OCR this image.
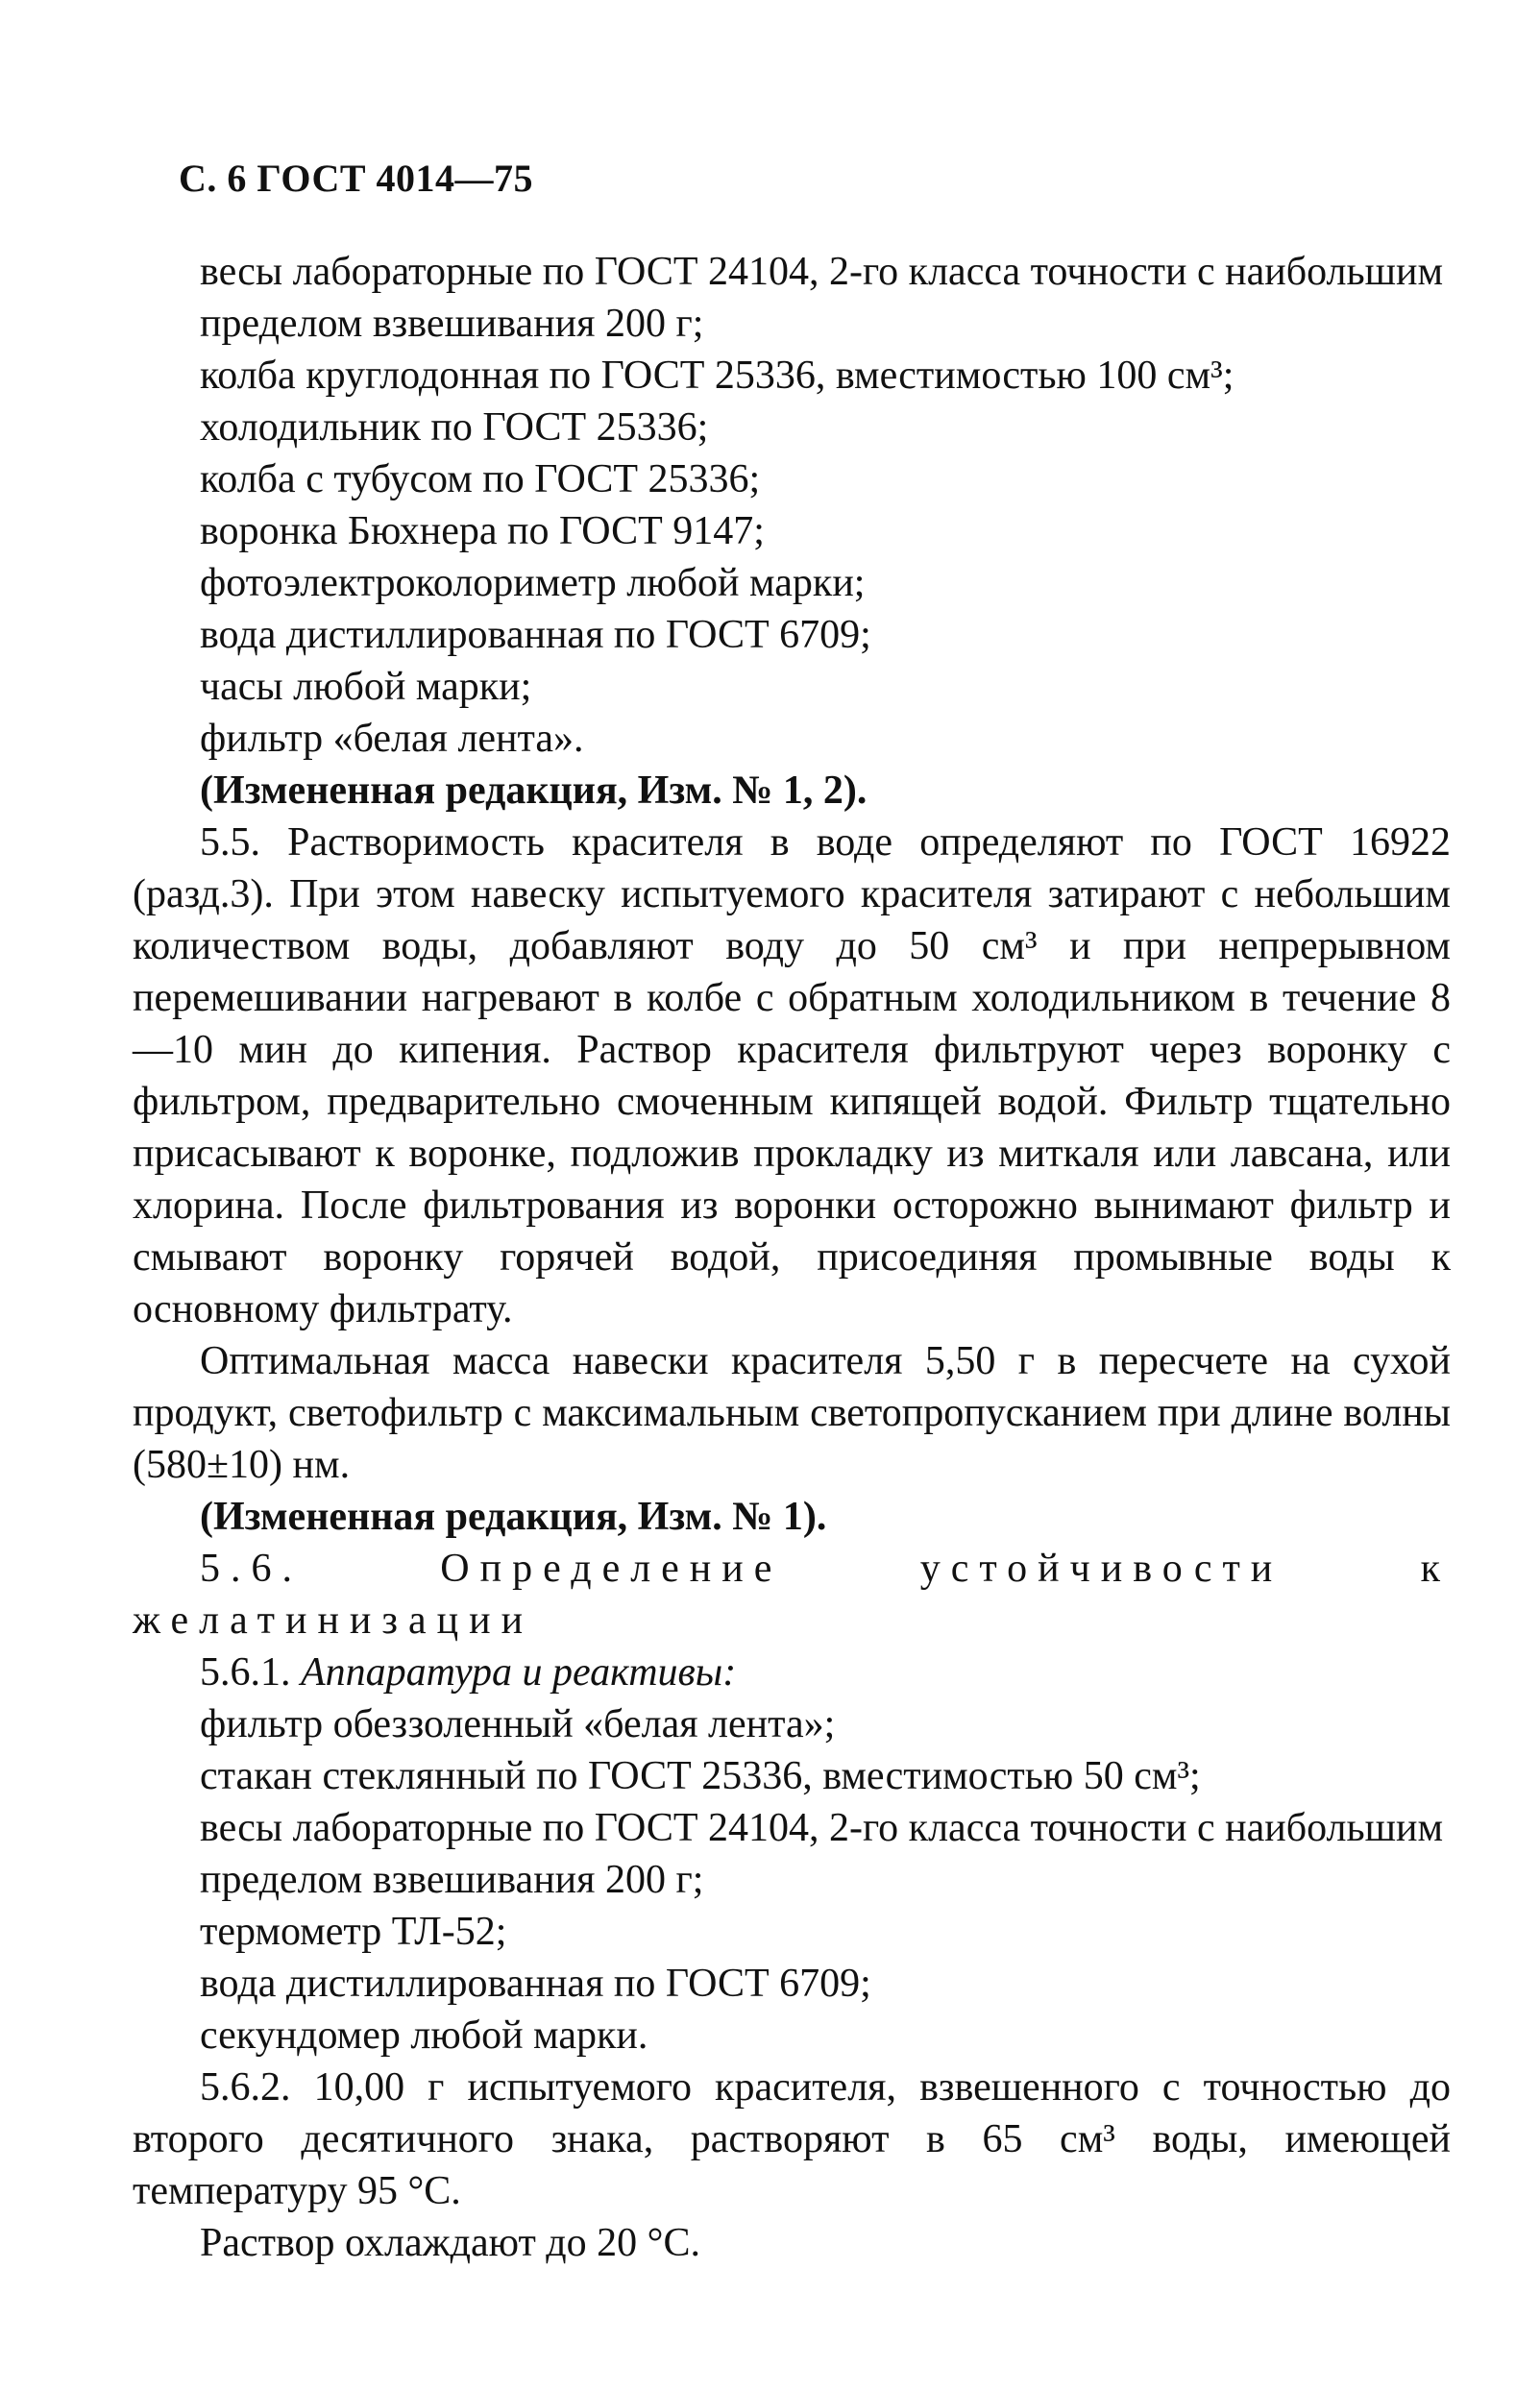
С. 6 ГОСТ 4014—75

весы лабораторные по ГОСТ 24104, 2-го класса точности с наибольшим пределом взвешивания 200 г;

колба круглодонная по ГОСТ 25336, вместимостью 100 см³;

холодильник по ГОСТ 25336;

колба с тубусом по ГОСТ 25336;

воронка Бюхнера по ГОСТ 9147;

фотоэлектроколориметр любой марки;

вода дистиллированная по ГОСТ 6709;

часы любой марки;

фильтр «белая лента».

(Измененная редакция, Изм. № 1, 2).

5.5. Растворимость красителя в воде определяют по ГОСТ 16922 (разд.3). При этом навеску испытуемого красителя затирают с небольшим количеством воды, добавляют воду до 50 см³ и при непрерывном перемешивании нагревают в колбе с обратным холодильником в течение 8—10 мин до кипения. Раствор красителя фильтруют через воронку с фильтром, предварительно смоченным кипящей водой. Фильтр тщательно присасывают к воронке, подложив прокладку из миткаля или лавсана, или хлорина. После фильтрования из воронки осторожно вынимают фильтр и смывают воронку горячей водой, присоединяя промывные воды к основному фильтрату.

Оптимальная масса навески красителя 5,50 г в пересчете на сухой продукт, светофильтр с максимальным светопропусканием при длине волны (580±10) нм.

(Измененная редакция, Изм. № 1).

5.6. Определение устойчивости к желатинизации

5.6.1. Аппаратура и реактивы:

фильтр обеззоленный «белая лента»;

стакан стеклянный по ГОСТ 25336, вместимостью 50 см³;

весы лабораторные по ГОСТ 24104, 2-го класса точности с наибольшим пределом взвешивания 200 г;

термометр ТЛ-52;

вода дистиллированная по ГОСТ 6709;

секундомер любой марки.

5.6.2. 10,00 г испытуемого красителя, взвешенного с точностью до второго десятичного знака, растворяют в 65 см³ воды, имеющей температуру 95 °С.

Раствор охлаждают до 20 °С.
